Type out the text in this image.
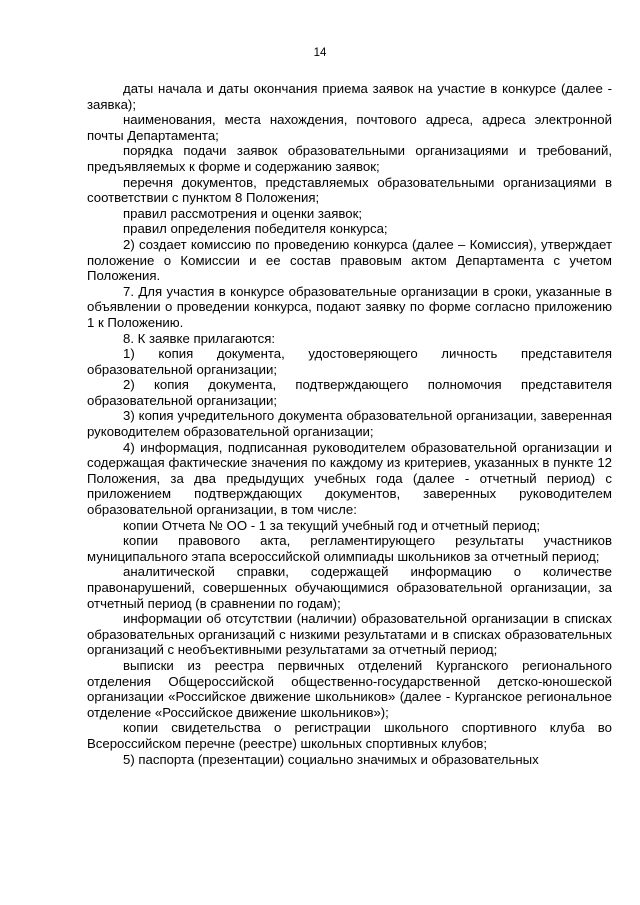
14

даты начала и даты окончания приема заявок на участие в конкурсе (далее - заявка);

наименования, места нахождения, почтового адреса, адреса электронной почты Департамента;

порядка подачи заявок образовательными организациями и требований, предъявляемых к форме и содержанию заявок;

перечня документов, представляемых образовательными организациями в соответствии с пунктом 8 Положения;

правил рассмотрения и оценки заявок;

правил определения победителя конкурса;

2) создает комиссию по проведению конкурса (далее – Комиссия), утверждает положение о Комиссии и ее состав правовым актом Департамента с учетом Положения.

7. Для участия в конкурсе образовательные организации в сроки, указанные в объявлении о проведении конкурса, подают заявку по форме согласно приложению 1 к Положению.

8. К заявке прилагаются:

1) копия документа, удостоверяющего личность представителя образовательной организации;

2) копия документа, подтверждающего полномочия представителя образовательной организации;

3) копия учредительного документа образовательной организации, заверенная руководителем образовательной организации;

4) информация, подписанная руководителем образовательной организации и содержащая фактические значения по каждому из критериев, указанных в пункте 12 Положения, за два предыдущих учебных года (далее - отчетный период) с приложением подтверждающих документов, заверенных руководителем образовательной организации, в том числе:

копии Отчета № ОО - 1 за текущий учебный год и отчетный период;

копии правового акта, регламентирующего результаты участников муниципального этапа всероссийской олимпиады школьников за отчетный период;

аналитической справки, содержащей информацию о количестве правонарушений, совершенных обучающимися образовательной организации, за отчетный период (в сравнении по годам);

информации об отсутствии (наличии) образовательной организации в списках образовательных организаций с низкими результатами и в списках образовательных организаций с необъективными результатами за отчетный период;

выписки из реестра первичных отделений Курганского регионального отделения Общероссийской общественно-государственной детско-юношеской организации «Российское движение школьников» (далее - Курганское региональное отделение «Российское движение школьников»);

копии свидетельства о регистрации школьного спортивного клуба во Всероссийском перечне (реестре) школьных спортивных клубов;

5) паспорта (презентации) социально значимых и образовательных
